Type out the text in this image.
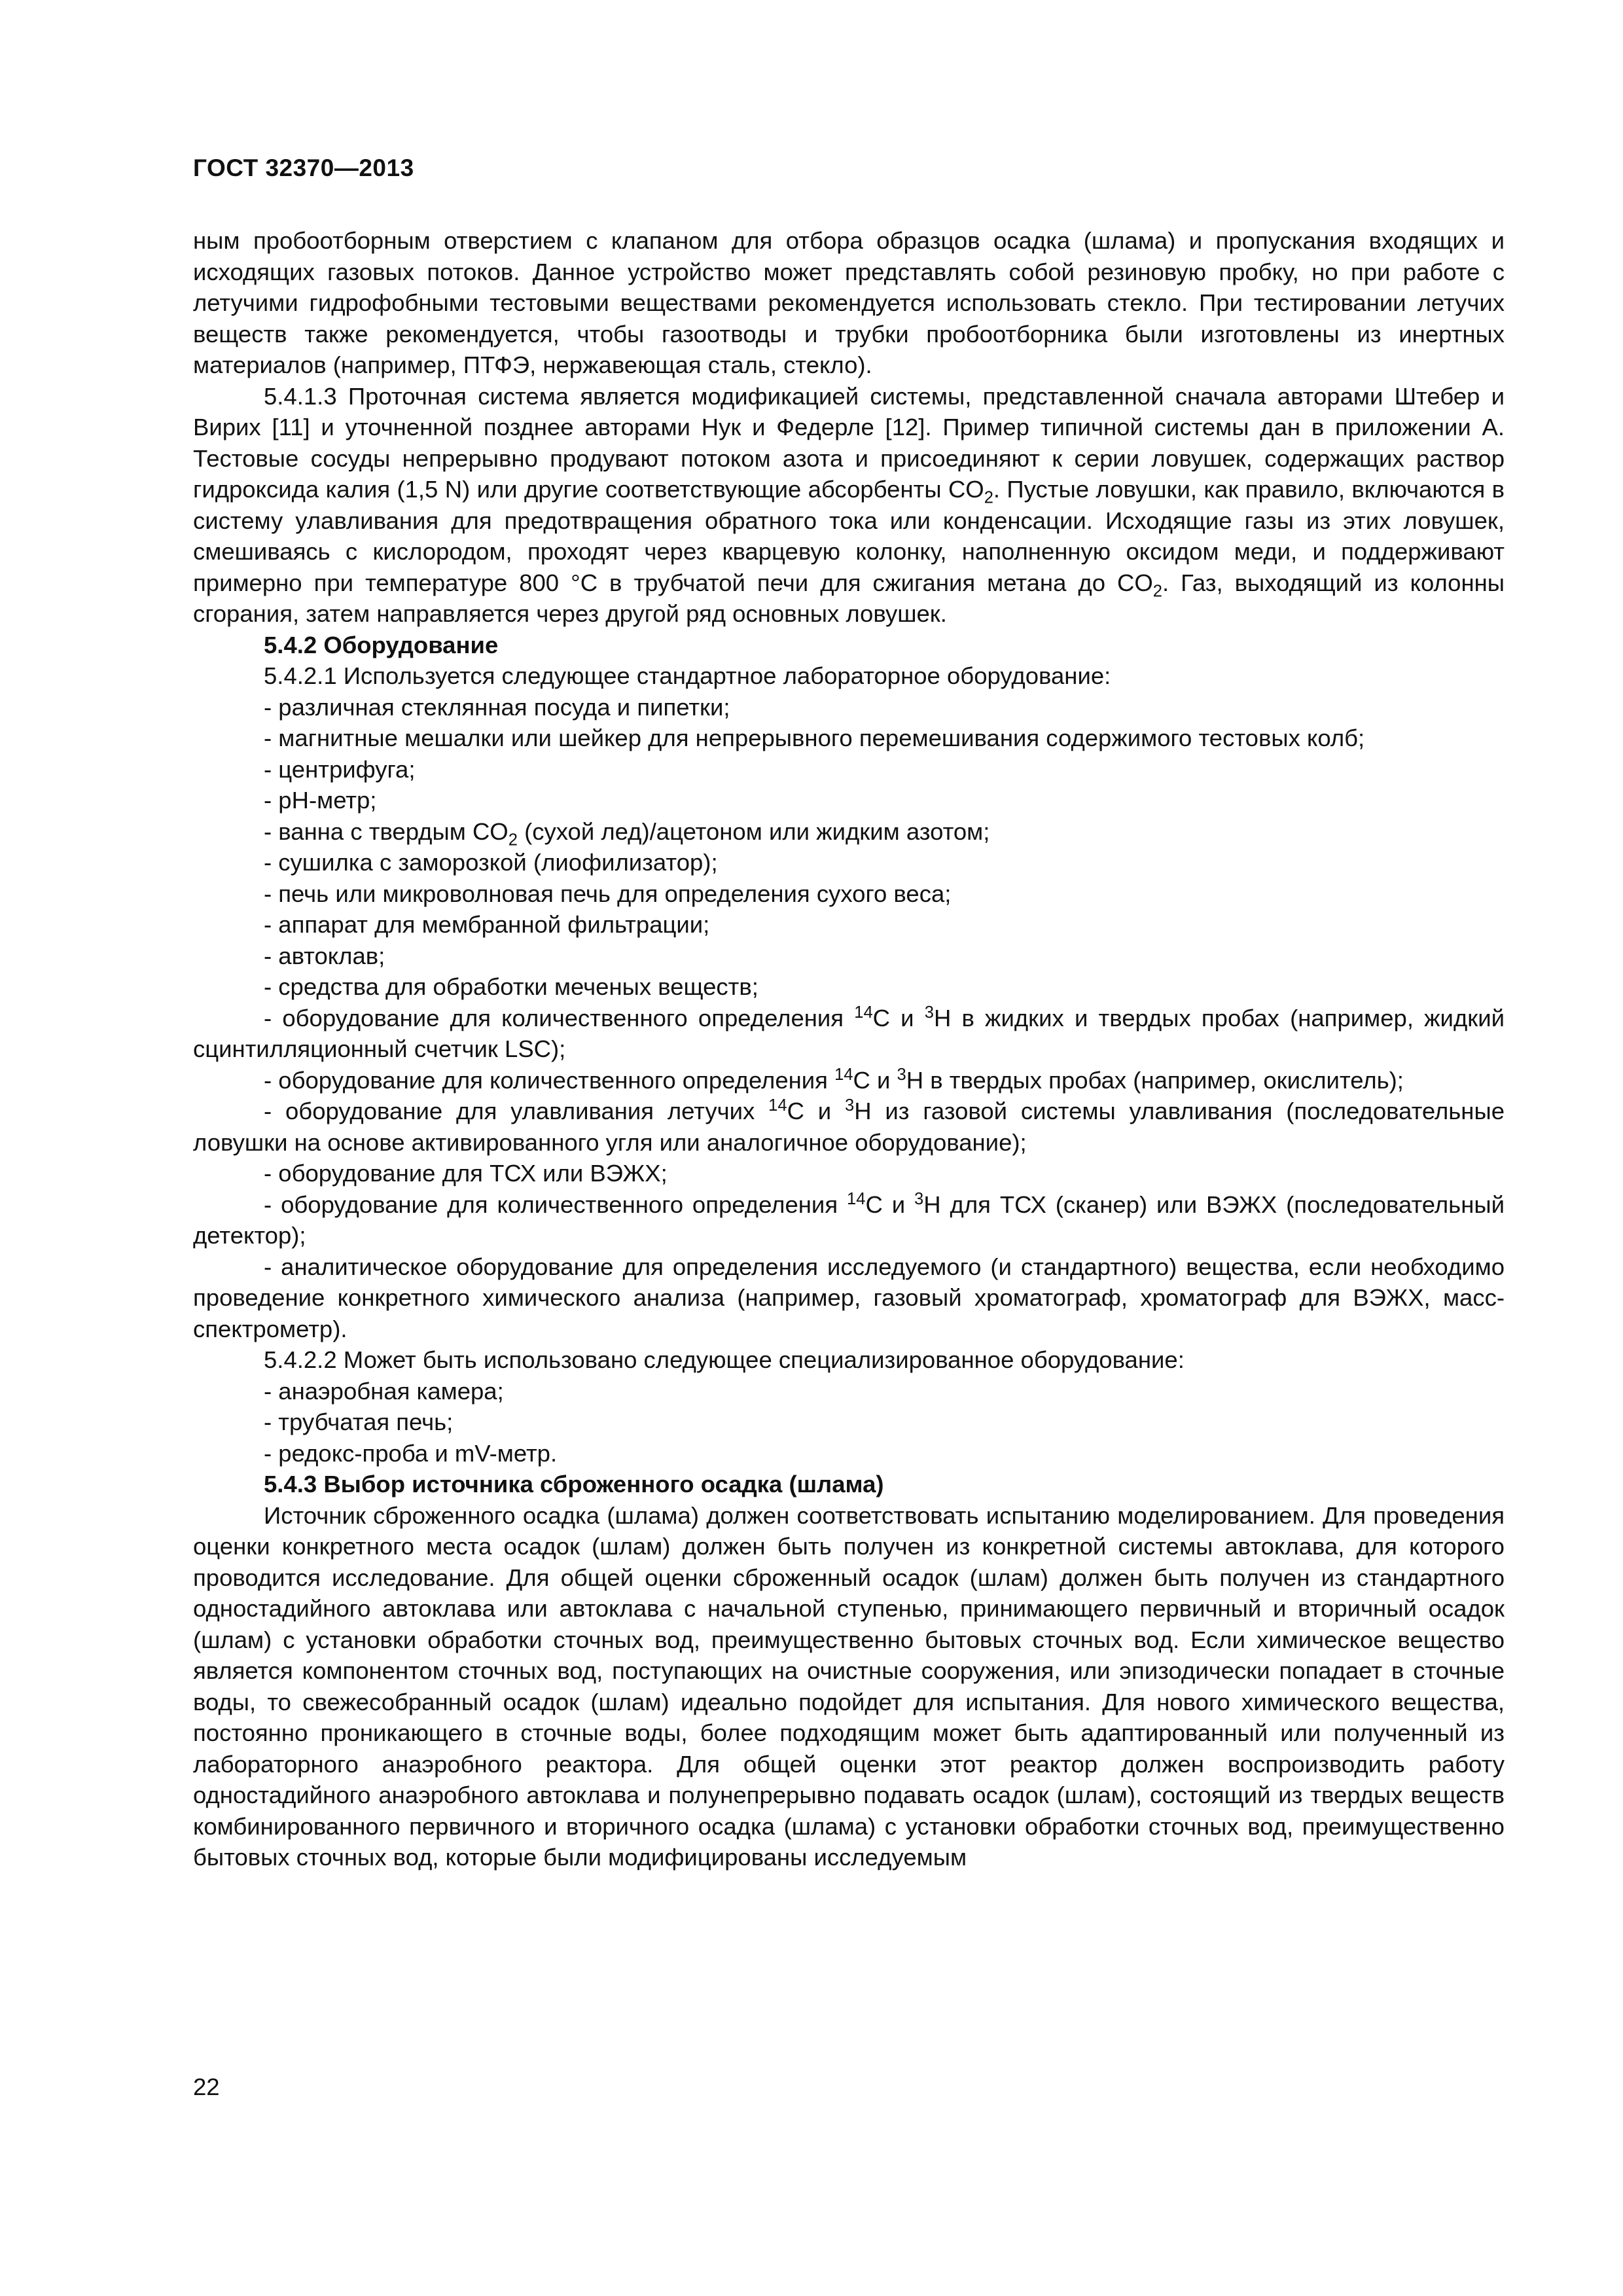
ГОСТ 32370—2013

ным пробоотборным отверстием с клапаном для отбора образцов осадка (шлама) и пропускания входящих и исходящих газовых потоков. Данное устройство может представлять собой резиновую пробку, но при работе с летучими гидрофобными тестовыми веществами рекомендуется использовать стекло. При тестировании летучих веществ также рекомендуется, чтобы газоотводы и трубки пробоотборника были изготовлены из инертных материалов (например, ПТФЭ, нержавеющая сталь, стекло).

5.4.1.3 Проточная система является модификацией системы, представленной сначала авторами Штебер и Вирих [11] и уточненной позднее авторами Нук и Федерле [12]. Пример типичной системы дан в приложении А. Тестовые сосуды непрерывно продувают потоком азота и присоединяют к серии ловушек, содержащих раствор гидроксида калия (1,5 N) или другие соответствующие абсорбенты $CO_2$. Пустые ловушки, как правило, включаются в систему улавливания для предотвращения обратного тока или конденсации. Исходящие газы из этих ловушек, смешиваясь с кислородом, проходят через кварцевую колонку, наполненную оксидом меди, и поддерживают примерно при температуре 800 °С в трубчатой печи для сжигания метана до $CO_2$. Газ, выходящий из колонны сгорания, затем направляется через другой ряд основных ловушек.

5.4.2 Оборудование

5.4.2.1 Используется следующее стандартное лабораторное оборудование:

- различная стеклянная посуда и пипетки;

- магнитные мешалки или шейкер для непрерывного перемешивания содержимого тестовых колб;

- центрифуга;

- pH-метр;

- ванна с твердым $CO_2$ (сухой лед)/ацетоном или жидким азотом;

- сушилка с заморозкой (лиофилизатор);

- печь или микроволновая печь для определения сухого веса;

- аппарат для мембранной фильтрации;

- автоклав;

- средства для обработки меченых веществ;

- оборудование для количественного определения $^{14}$С и $^3$Н в жидких и твердых пробах (например, жидкий сцинтилляционный счетчик LSC);

- оборудование для количественного определения $^{14}$С и $^3$Н в твердых пробах (например, окислитель);

- оборудование для улавливания летучих $^{14}$С и $^3$Н из газовой системы улавливания (последовательные ловушки на основе активированного угля или аналогичное оборудование);

- оборудование для ТСХ или ВЭЖХ;

- оборудование для количественного определения $^{14}$С и $^3$Н для ТСХ (сканер) или ВЭЖХ (последовательный детектор);

- аналитическое оборудование для определения исследуемого (и стандартного) вещества, если необходимо проведение конкретного химического анализа (например, газовый хроматограф, хроматограф для ВЭЖХ, масс-спектрометр).

5.4.2.2 Может быть использовано следующее специализированное оборудование:

- анаэробная камера;

- трубчатая печь;

- редокс-проба и mV-метр.

5.4.3 Выбор источника сброженного осадка (шлама)

Источник сброженного осадка (шлама) должен соответствовать испытанию моделированием. Для проведения оценки конкретного места осадок (шлам) должен быть получен из конкретной системы автоклава, для которого проводится исследование. Для общей оценки сброженный осадок (шлам) должен быть получен из стандартного одностадийного автоклава или автоклава с начальной ступенью, принимающего первичный и вторичный осадок (шлам) с установки обработки сточных вод, преимущественно бытовых сточных вод. Если химическое вещество является компонентом сточных вод, поступающих на очистные сооружения, или эпизодически попадает в сточные воды, то свежесобранный осадок (шлам) идеально подойдет для испытания. Для нового химического вещества, постоянно проникающего в сточные воды, более подходящим может быть адаптированный или полученный из лабораторного анаэробного реактора. Для общей оценки этот реактор должен воспроизводить работу одностадийного анаэробного автоклава и полунепрерывно подавать осадок (шлам), состоящий из твердых веществ комбинированного первичного и вторичного осадка (шлама) с установки обработки сточных вод, преимущественно бытовых сточных вод, которые были модифицированы исследуемым

22
